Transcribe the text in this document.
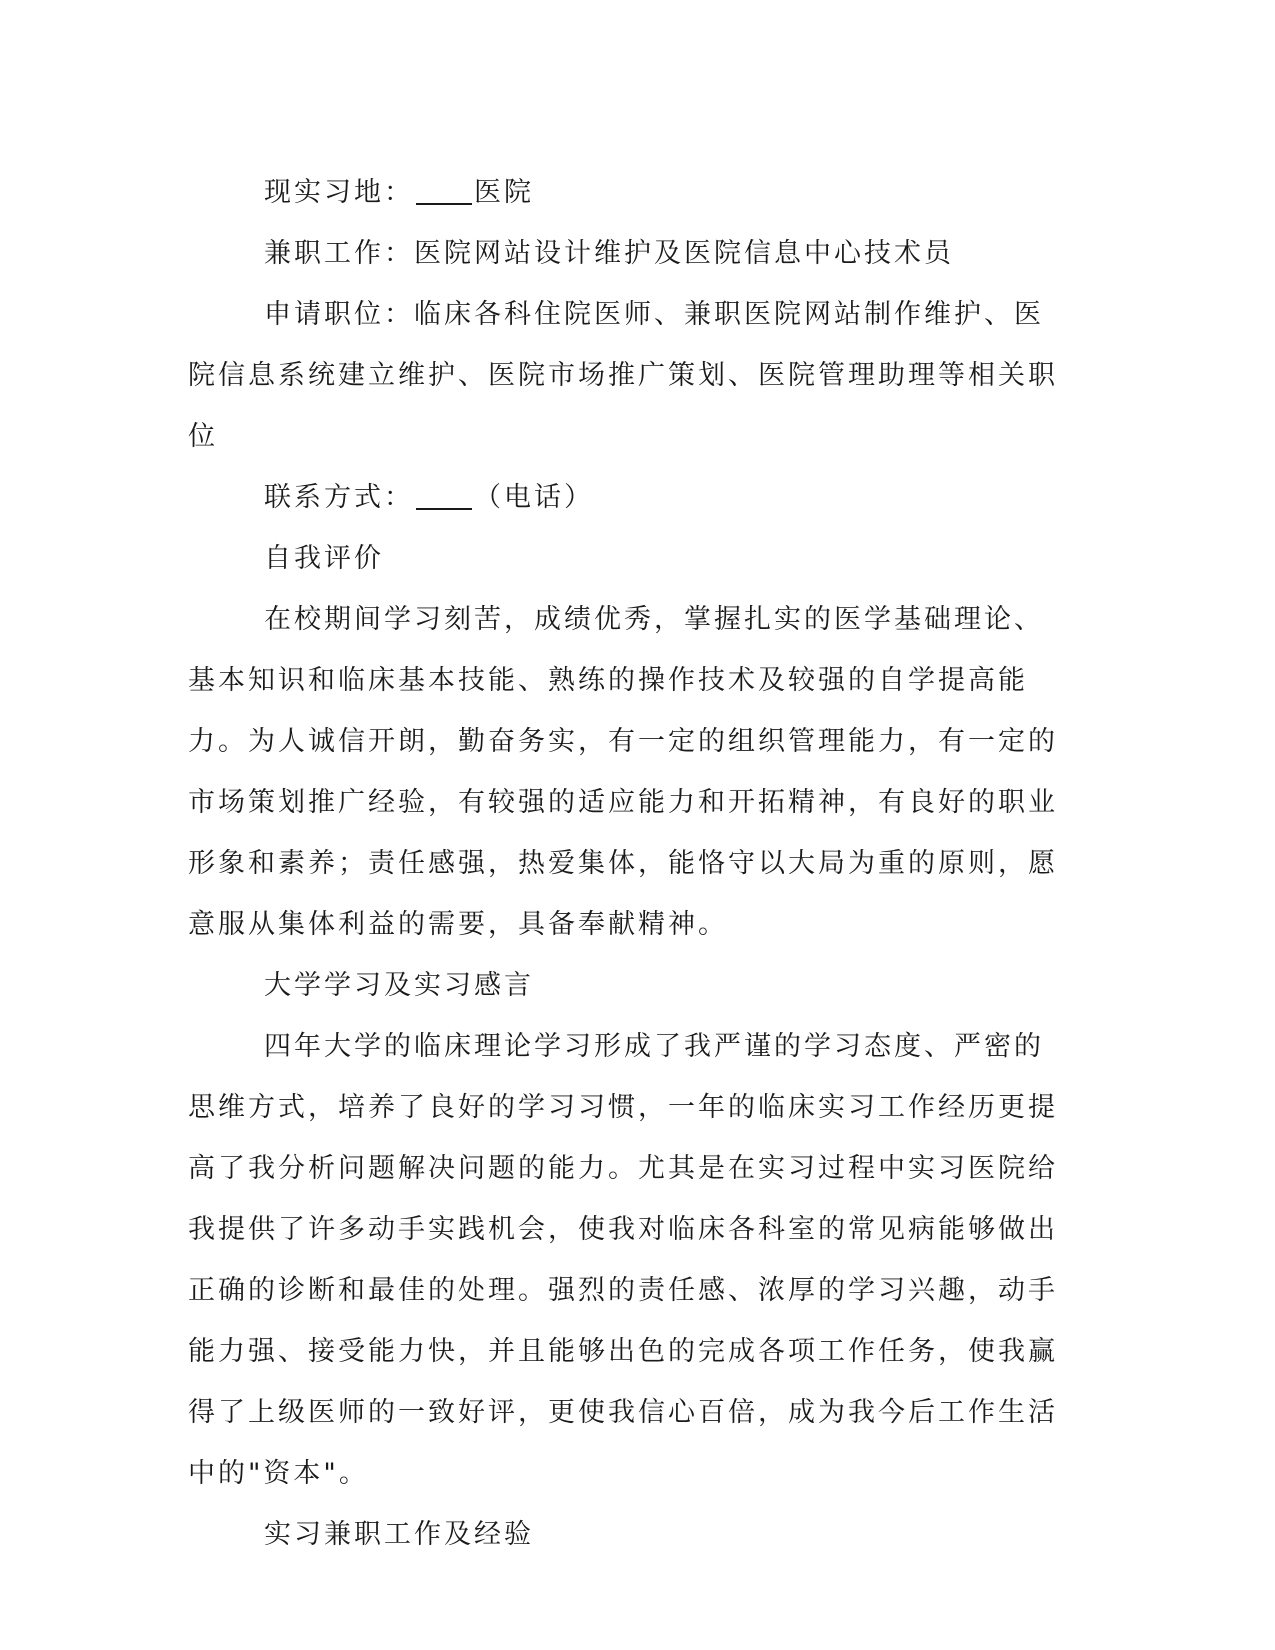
现实习地： 医院

兼职工作：医院网站设计维护及医院信息中心技术员

申请职位：临床各科住院医师、兼职医院网站制作维护、医院信息系统建立维护、医院市场推广策划、医院管理助理等相关职位

联系方式： （电话）

自我评价

在校期间学习刻苦，成绩优秀，掌握扎实的医学基础理论、基本知识和临床基本技能、熟练的操作技术及较强的自学提高能力。为人诚信开朗，勤奋务实，有一定的组织管理能力，有一定的市场策划推广经验，有较强的适应能力和开拓精神，有良好的职业形象和素养；责任感强，热爱集体，能恪守以大局为重的原则，愿意服从集体利益的需要，具备奉献精神。

大学学习及实习感言

四年大学的临床理论学习形成了我严谨的学习态度、严密的思维方式，培养了良好的学习习惯，一年的临床实习工作经历更提高了我分析问题解决问题的能力。尤其是在实习过程中实习医院给我提供了许多动手实践机会，使我对临床各科室的常见病能够做出正确的诊断和最佳的处理。强烈的责任感、浓厚的学习兴趣，动手能力强、接受能力快，并且能够出色的完成各项工作任务，使我赢得了上级医师的一致好评，更使我信心百倍，成为我今后工作生活中的"资本"。

实习兼职工作及经验
